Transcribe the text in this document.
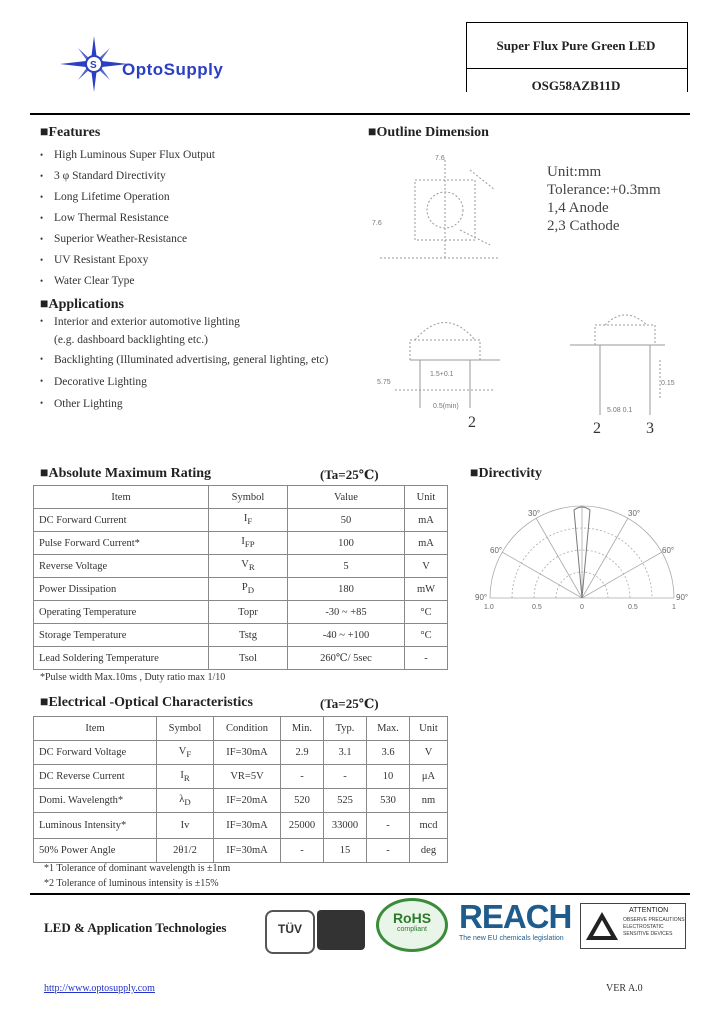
S OptoSupply
Super Flux Pure Green LED
OSG58AZB11D
■Features
• High Luminous Super Flux Output
• 3 φ Standard Directivity
• Long Lifetime Operation
• Low Thermal Resistance
• Superior Weather-Resistance
• UV Resistant Epoxy
• Water Clear Type
■Applications
• Interior and exterior automotive lighting
(e.g. dashboard backlighting etc.)
• Backlighting (Illuminated advertising, general lighting, etc)
• Decorative Lighting
• Other Lighting
■Outline Dimension
7.6
7.6
Unit:mm
Tolerance:+0.3mm
1,4 Anode
2,3 Cathode
5.75
1.5+0.1
0.5(min)
2
5.08 0.1
0.15
2	3
■Absolute Maximum Rating	(Ta=25℃)
Item	Symbol	Value	Unit
DC Forward Current	$I_F$	50	mA
Pulse Forward Current*	$I_{FP}$	100	mA
Reverse Voltage	$V_R$	5	V
Power Dissipation	$P_D$	180	mW
Operating Temperature	Topr	-30 ~ +85	°C
Storage Temperature	Tstg	-40 ~ +100	°C
Lead Soldering Temperature	Tsol	260℃/ 5sec	-
*Pulse width Max.10ms , Duty ratio max 1/10
■Directivity
30°	30°
60°	60°
90°	90°
1.0	0.5	0	0.5	1
■Electrical -Optical Characteristics	(Ta=25℃)
Item	Symbol	Condition	Min.	Typ.	Max.	Unit
DC Forward Voltage	$V_F$	I​F=30mA	2.9	3.1	3.6	V
DC Reverse Current	$I_R$	VR=5V	-	-	10	μA
Domi. Wavelength*	$\lambda_D$	IF=20mA	520	525	530	nm
Luminous Intensity*	Iv	IF=30mA	25000	33000	-	mcd
50% Power Angle	2θ1/2	IF=30mA	-	15	-	deg
*1 Tolerance of dominant wavelength is ±1nm
*2 Tolerance of luminous intensity is ±15%
LED & Application Technologies	TÜV
RoHS
compliant REACH
The new EU chemicals legislation
ATTENTION
OBSERVE PRECAUTIONS
ELECTROSTATIC
SENSITIVE DEVICES
http://www.optosupply.com	VER A.0
